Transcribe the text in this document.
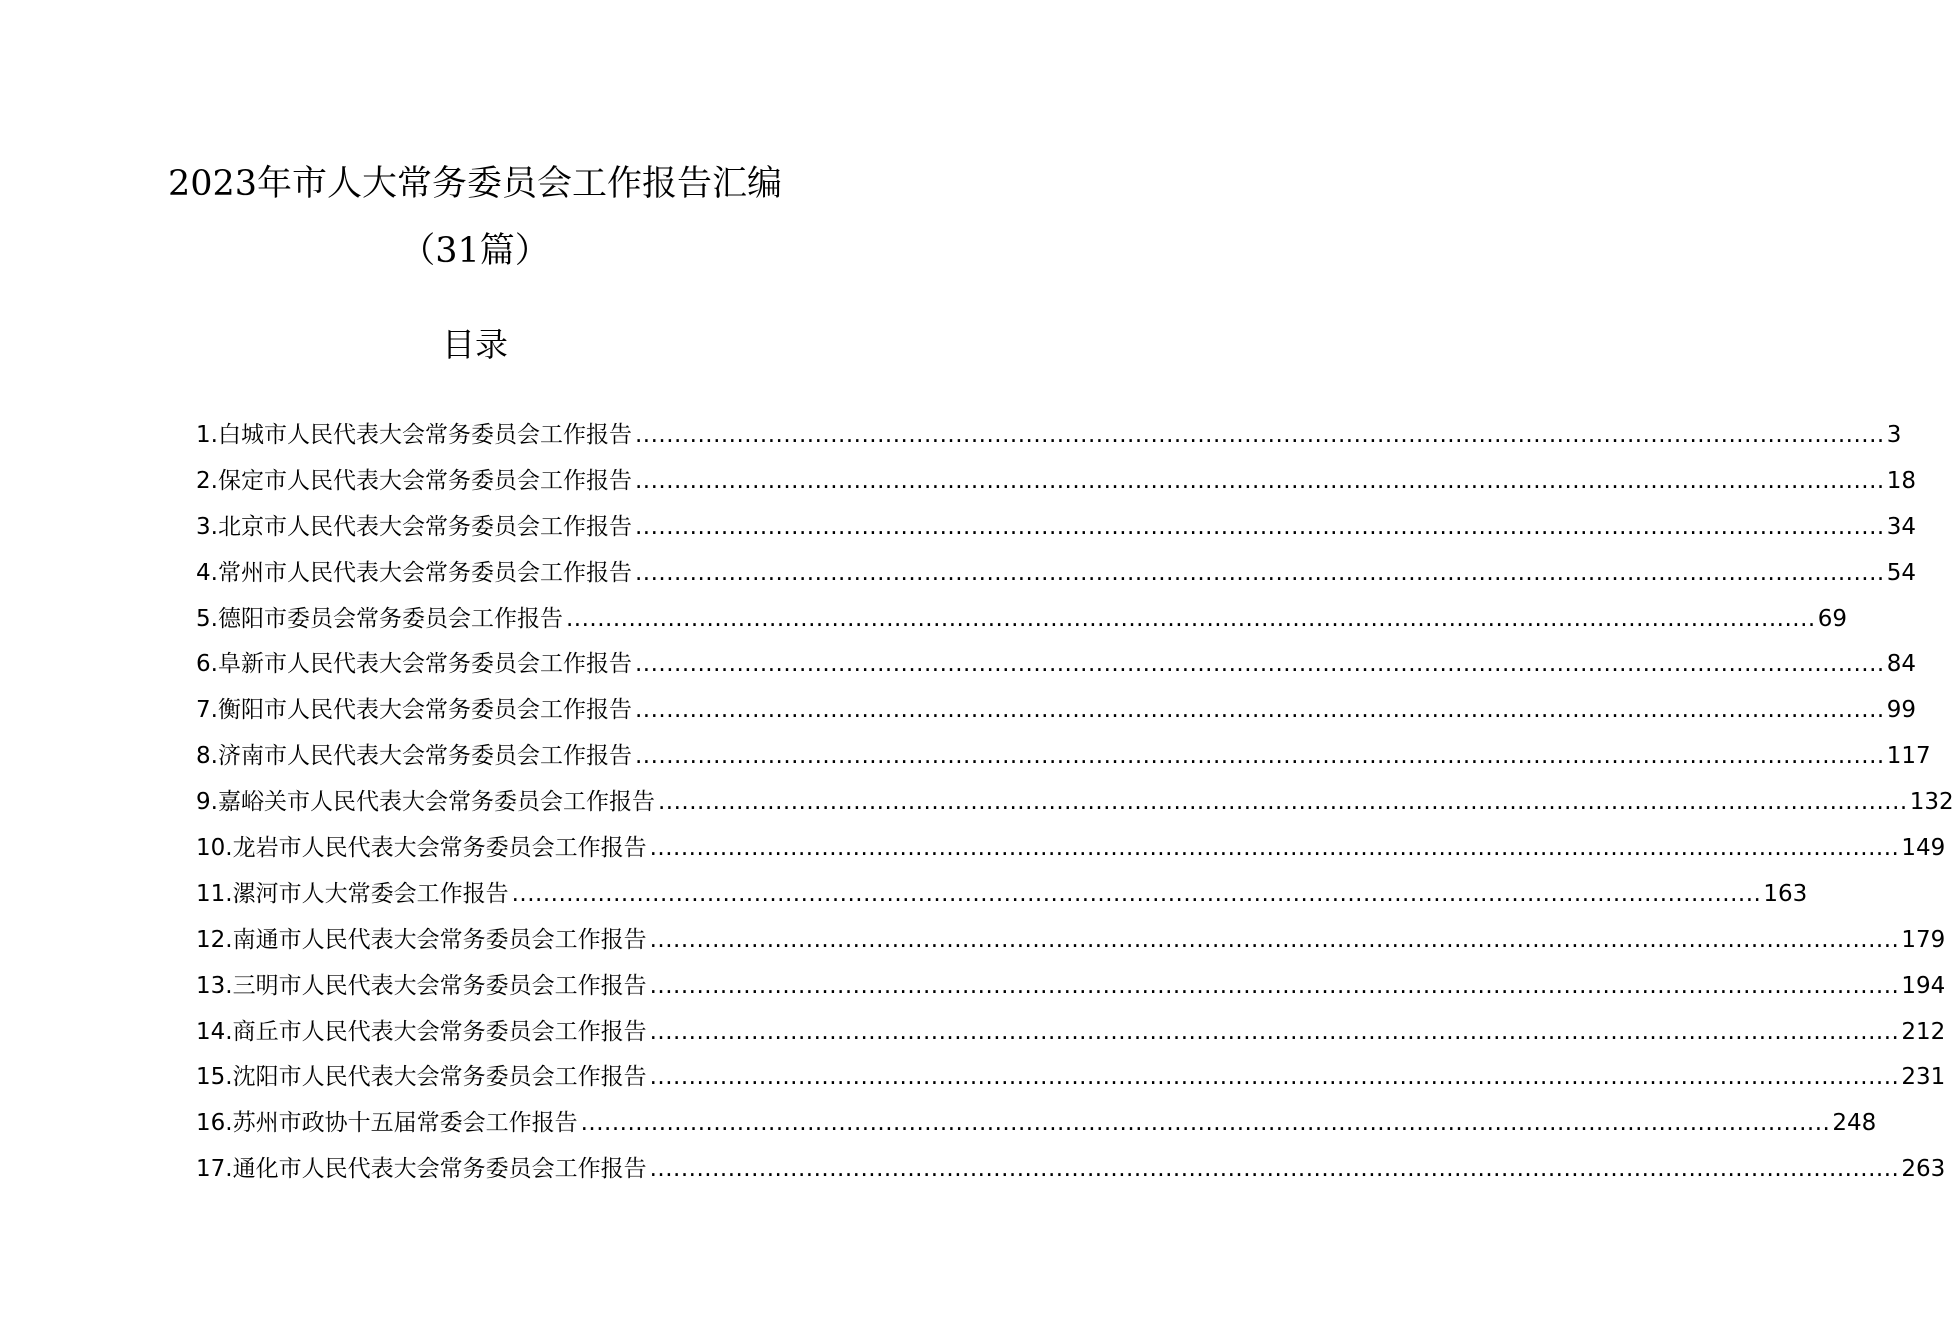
2023年市人大常务委员会工作报告汇编
（31篇）
目录
1.白城市人民代表大会常务委员会工作报告 ................................................................................................................................................................ 3
2.保定市人民代表大会常务委员会工作报告 ................................................................................................................................................................ 18
3.北京市人民代表大会常务委员会工作报告 ................................................................................................................................................................ 34
4.常州市人民代表大会常务委员会工作报告 ................................................................................................................................................................ 54
5.德阳市委员会常务委员会工作报告 ................................................................................................................................................................ 69
6.阜新市人民代表大会常务委员会工作报告 ................................................................................................................................................................ 84
7.衡阳市人民代表大会常务委员会工作报告 ................................................................................................................................................................ 99
8.济南市人民代表大会常务委员会工作报告 ................................................................................................................................................................ 117
9.嘉峪关市人民代表大会常务委员会工作报告 ................................................................................................................................................................ 132
10.龙岩市人民代表大会常务委员会工作报告 ................................................................................................................................................................ 149
11.漯河市人大常委会工作报告 ................................................................................................................................................................ 163
12.南通市人民代表大会常务委员会工作报告 ................................................................................................................................................................ 179
13.三明市人民代表大会常务委员会工作报告 ................................................................................................................................................................ 194
14.商丘市人民代表大会常务委员会工作报告 ................................................................................................................................................................ 212
15.沈阳市人民代表大会常务委员会工作报告 ................................................................................................................................................................ 231
16.苏州市政协十五届常委会工作报告 ................................................................................................................................................................ 248
17.通化市人民代表大会常务委员会工作报告 ................................................................................................................................................................ 263
